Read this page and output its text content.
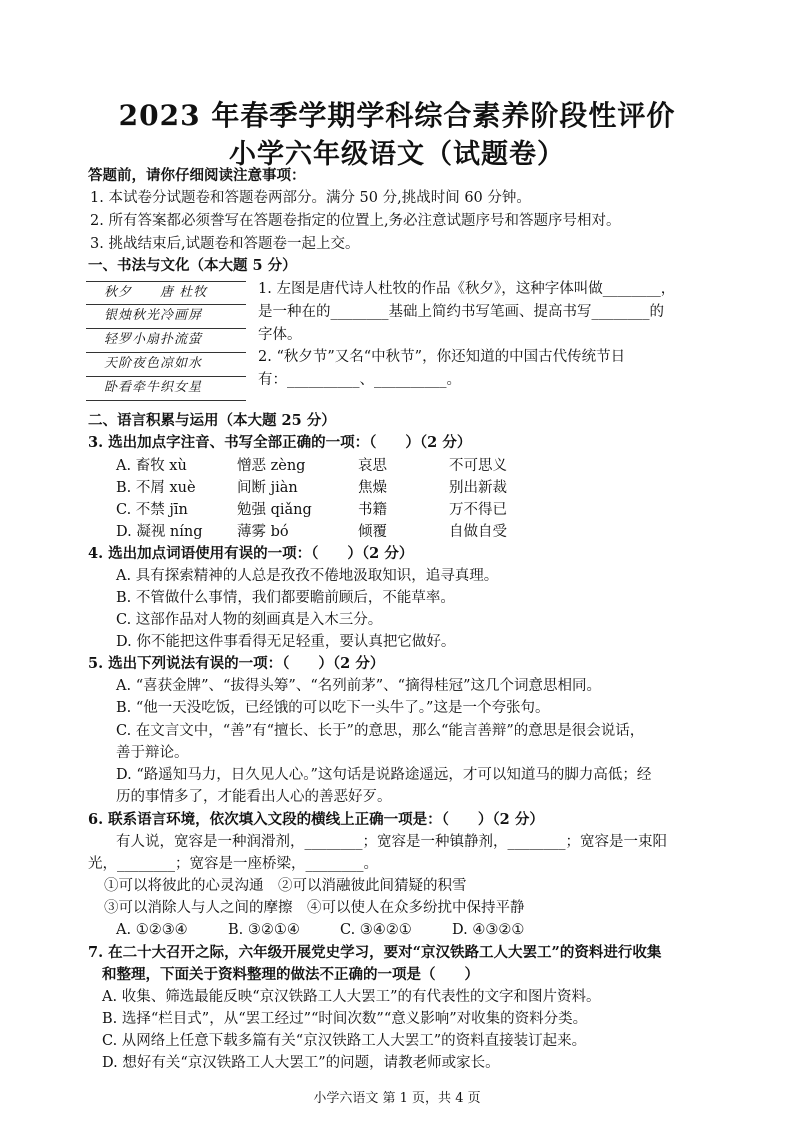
2023 年春季学期学科综合素养阶段性评价
小学六年级语文（试题卷）
答题前，请你仔细阅读注意事项：
1. 本试卷分试题卷和答题卷两部分。满分 50 分,挑战时间 60 分钟。
2. 所有答案都必须誊写在答题卷指定的位置上,务必注意试题序号和答题序号相对。
3. 挑战结束后,试题卷和答题卷一起上交。
一、书法与文化（本大题 5 分）
秋夕　　唐 杜牧
银烛秋光冷画屏
轻罗小扇扑流萤
天阶夜色凉如水
卧看牵牛织女星
1. 左图是唐代诗人杜牧的作品《秋夕》，这种字体叫做________，
是一种在的________基础上简约书写笔画、提高书写________的
字体。
2. “秋夕节”又名“中秋节”，你还知道的中国古代传统节日
有：__________、__________。
二、语言积累与运用（本大题 25 分）
3. 选出加点字注音、书写全部正确的一项：（　　）（2 分）
A. 畜牧 xù	憎恶 zèng	哀思	不可思义
B. 不屑 xuè	间断 jiàn	焦燥	别出新裁
C. 不禁 jīn	勉强 qiǎng	书籍	万不得已
D. 凝视 níng 薄雾 bó	倾覆	自做自受
4. 选出加点词语使用有误的一项：（　　）（2 分）
A. 具有探索精神的人总是孜孜不倦地汲取知识，追寻真理。
B. 不管做什么事情，我们都要瞻前顾后，不能草率。
C. 这部作品对人物的刻画真是入木三分。
D. 你不能把这件事看得无足轻重，要认真把它做好。
5. 选出下列说法有误的一项：（　　）（2 分）
A. “喜获金牌”、“拔得头筹”、“名列前茅”、“摘得桂冠”这几个词意思相同。
B. “他一天没吃饭，已经饿的可以吃下一头牛了。”这是一个夸张句。
C. 在文言文中，“善”有“擅长、长于”的意思，那么“能言善辩”的意思是很会说话，
善于辩论。
D. “路遥知马力，日久见人心。”这句话是说路途遥远，才可以知道马的脚力高低；经
历的事情多了，才能看出人心的善恶好歹。
6. 联系语言环境，依次填入文段的横线上正确一项是：（　　）（2 分）
有人说，宽容是一种润滑剂，________；宽容是一种镇静剂，________；宽容是一束阳
光，________；宽容是一座桥梁，________。
①可以将彼此的心灵沟通　②可以消融彼此间猜疑的积雪
③可以消除人与人之间的摩擦　④可以使人在众多纷扰中保持平静
A. ①②③④	B. ③②①④	C. ③④②①	D. ④③②①
7. 在二十大召开之际，六年级开展党史学习，要对“京汉铁路工人大罢工”的资料进行收集
和整理，下面关于资料整理的做法不正确的一项是（　　）
A. 收集、筛选最能反映“京汉铁路工人大罢工”的有代表性的文字和图片资料。
B. 选择“栏目式”，从“罢工经过”“时间次数”“意义影响”对收集的资料分类。
C. 从网络上任意下载多篇有关“京汉铁路工人大罢工”的资料直接装订起来。
D. 想好有关“京汉铁路工人大罢工”的问题，请教老师或家长。
小学六语文 第 1 页，共 4 页
